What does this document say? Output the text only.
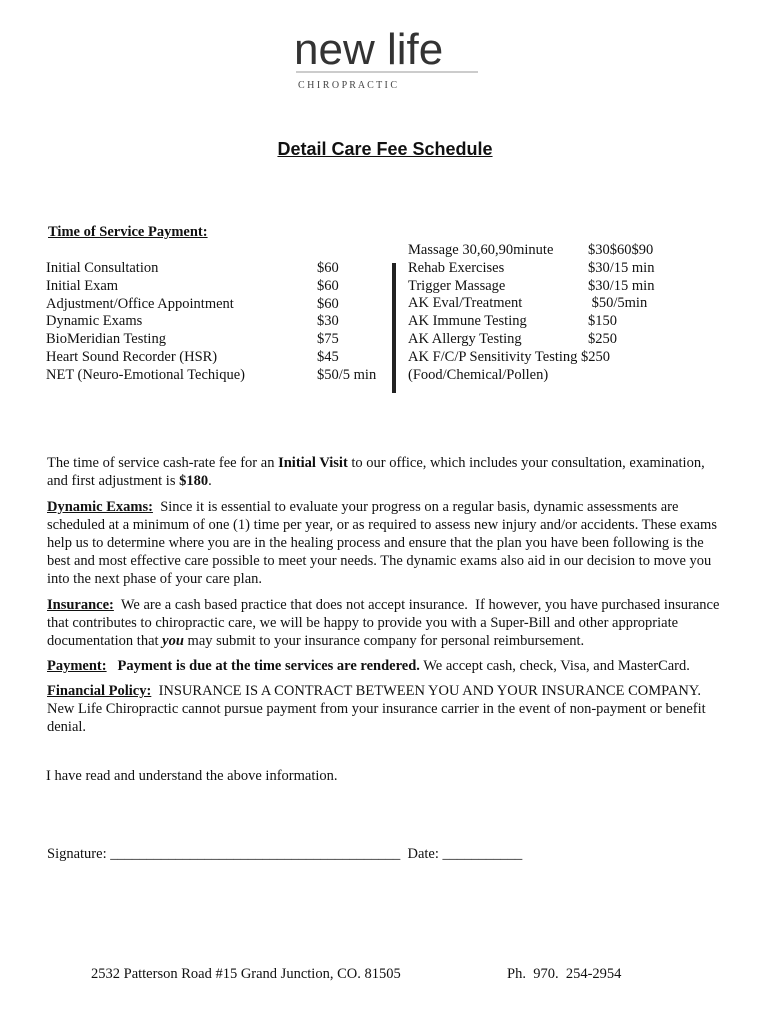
new life
C H I R O P R A C T I C
Detail Care Fee Schedule
Time of Service Payment:
Initial Consultation
Initial Exam
Adjustment/Office Appointment
Dynamic Exams
BioMeridian Testing
Heart Sound Recorder (HSR)
NET (Neuro-Emotional Techique)
$60
$60
$60
$30
$75
$45
$50/5 min
Massage 30,60,90minute
Rehab Exercises
Trigger Massage
AK Eval/Treatment
AK Immune Testing
AK Allergy Testing
AK F/C/P Sensitivity Testing $250
(Food/Chemical/Pollen)
$30$60$90
$30/15 min
$30/15 min
$50/5min
$150
$250
The time of service cash-rate fee for an Initial Visit to our office, which includes your consultation, examination, and first adjustment is $180.
Dynamic Exams:  Since it is essential to evaluate your progress on a regular basis, dynamic assessments are scheduled at a minimum of one (1) time per year, or as required to assess new injury and/or accidents. These exams help us to determine where you are in the healing process and ensure that the plan you have been following is the best and most effective care possible to meet your needs. The dynamic exams also aid in our decision to move you into the next phase of your care plan.
Insurance:  We are a cash based practice that does not accept insurance.  If however, you have purchased insurance that contributes to chiropractic care, we will be happy to provide you with a Super-Bill and other appropriate documentation that you may submit to your insurance company for personal reimbursement.
Payment:   Payment is due at the time services are rendered. We accept cash, check, Visa, and MasterCard.
Financial Policy:  INSURANCE IS A CONTRACT BETWEEN YOU AND YOUR INSURANCE COMPANY. New Life Chiropractic cannot pursue payment from your insurance carrier in the event of non-payment or benefit denial.
I have read and understand the above information.
Signature: ________________________________________  Date: ___________
2532 Patterson Road #15 Grand Junction, CO. 81505	Ph.  970.  254-2954
